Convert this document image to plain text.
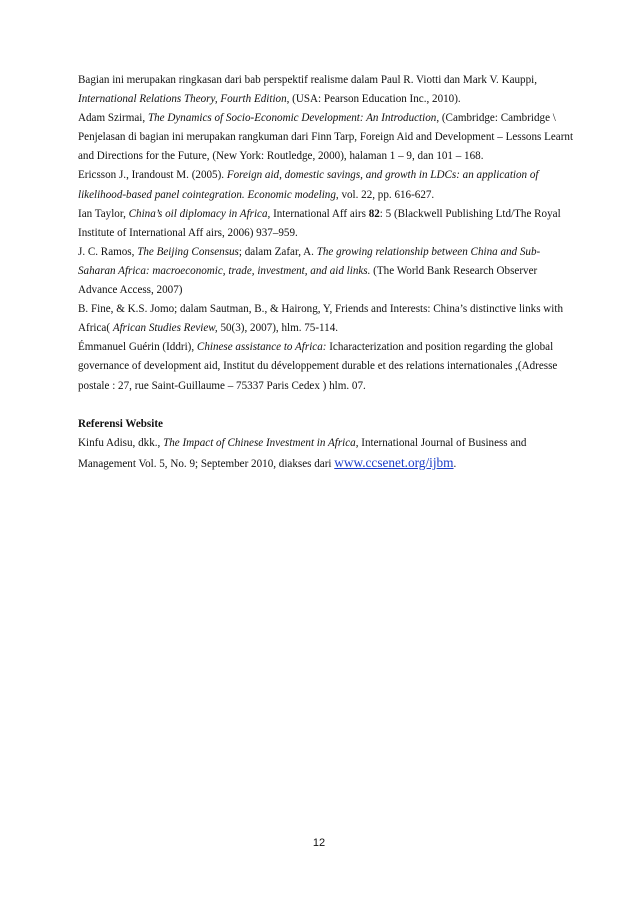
Bagian ini merupakan ringkasan dari bab perspektif realisme dalam Paul R. Viotti dan Mark V. Kauppi,
International Relations Theory, Fourth Edition, (USA: Pearson Education Inc., 2010).
Adam Szirmai, The Dynamics of Socio-Economic Development: An Introduction, (Cambridge: Cambridge \
Penjelasan di bagian ini merupakan rangkuman dari Finn Tarp, Foreign Aid and Development – Lessons Learnt
and Directions for the Future, (New York: Routledge, 2000), halaman 1 – 9, dan 101 – 168.
Ericsson J., Irandoust M. (2005). Foreign aid, domestic savings, and growth in LDCs: an application of
likelihood-based panel cointegration. Economic modeling, vol. 22, pp. 616-627.
Ian Taylor, China’s oil diplomacy in Africa, International Aff airs 82: 5 (Blackwell Publishing Ltd/The Royal
Institute of International Aff airs, 2006) 937–959.
J. C. Ramos, The Beijing Consensus; dalam Zafar, A. The growing relationship between China and Sub-
Saharan Africa: macroeconomic, trade, investment, and aid links. (The World Bank Research Observer
Advance Access, 2007)
B. Fine, & K.S. Jomo; dalam Sautman, B., & Hairong, Y, Friends and Interests: China’s distinctive links with
Africa( African Studies Review, 50(3), 2007), hlm. 75-114.
Émmanuel Guérin (Iddri), Chinese assistance to Africa: Icharacterization and position regarding the global
governance of development aid, Institut du développement durable et des relations internationales ,(Adresse
postale : 27, rue Saint-Guillaume – 75337 Paris Cedex ) hlm. 07.
Referensi Website
Kinfu Adisu, dkk., The Impact of Chinese Investment in Africa, International Journal of Business and
Management Vol. 5, No. 9; September 2010, diakses dari www.ccsenet.org/ijbm.
12
